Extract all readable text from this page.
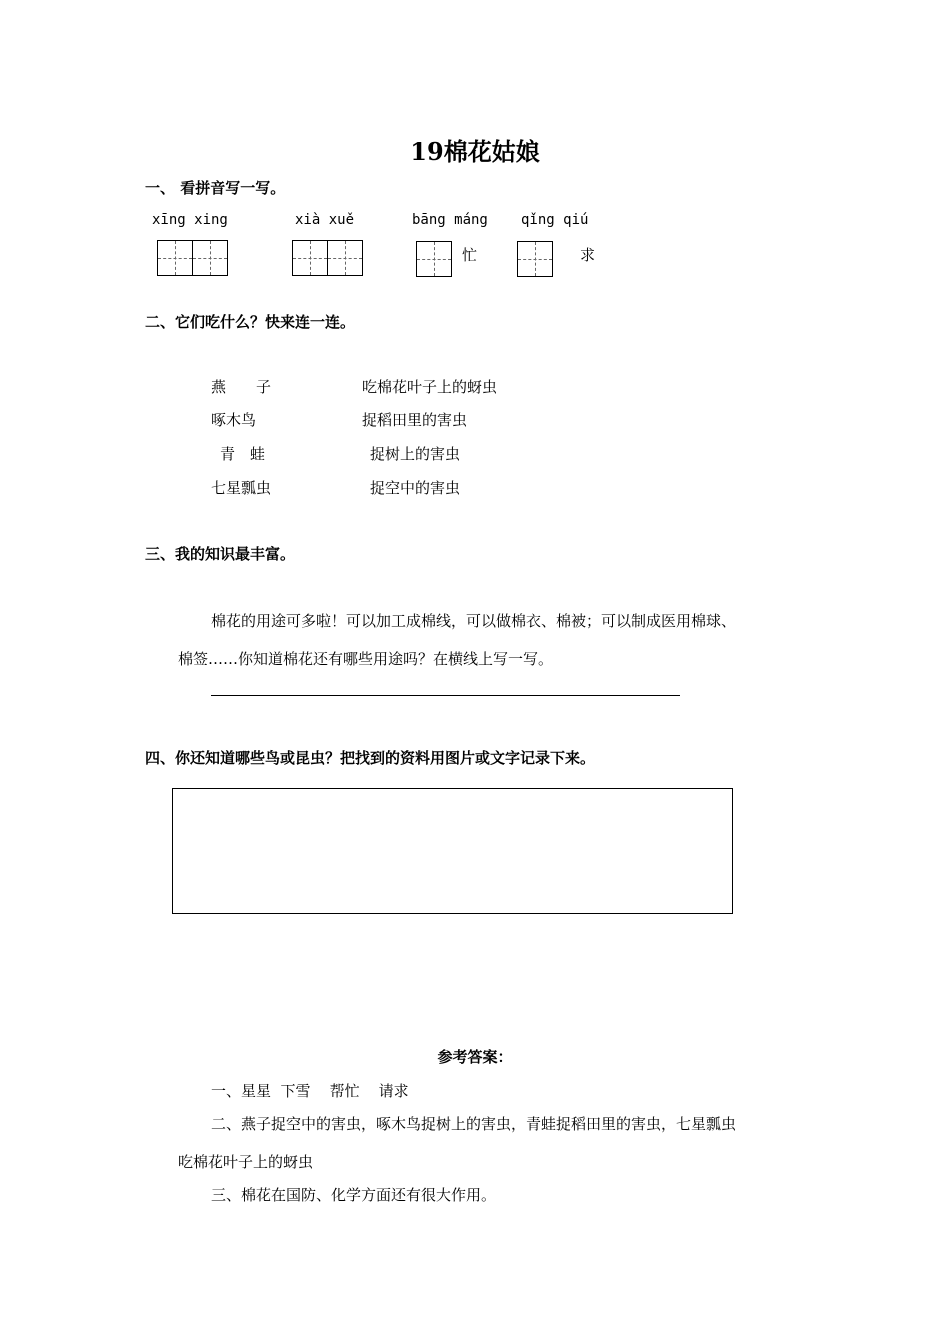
19棉花姑娘
一、 看拼音写一写。
xīng xing	xià xuě	bāng máng
忙
qǐng qiú
求
二、它们吃什么？快来连一连。
燕　　子
啄木鸟
青　蛙
七星瓢虫
吃棉花叶子上的蚜虫
捉稻田里的害虫
捉树上的害虫
捉空中的害虫
三、我的知识最丰富。
棉花的用途可多啦！可以加工成棉线，可以做棉衣、棉被；可以制成医用棉球、
棉签……你知道棉花还有哪些用途吗？在横线上写一写。
四、你还知道哪些鸟或昆虫？把找到的资料用图片或文字记录下来。
参考答案：
一、星星  下雪    帮忙    请求
二、燕子捉空中的害虫，啄木鸟捉树上的害虫，青蛙捉稻田里的害虫，七星瓢虫
吃棉花叶子上的蚜虫
三、棉花在国防、化学方面还有很大作用。
